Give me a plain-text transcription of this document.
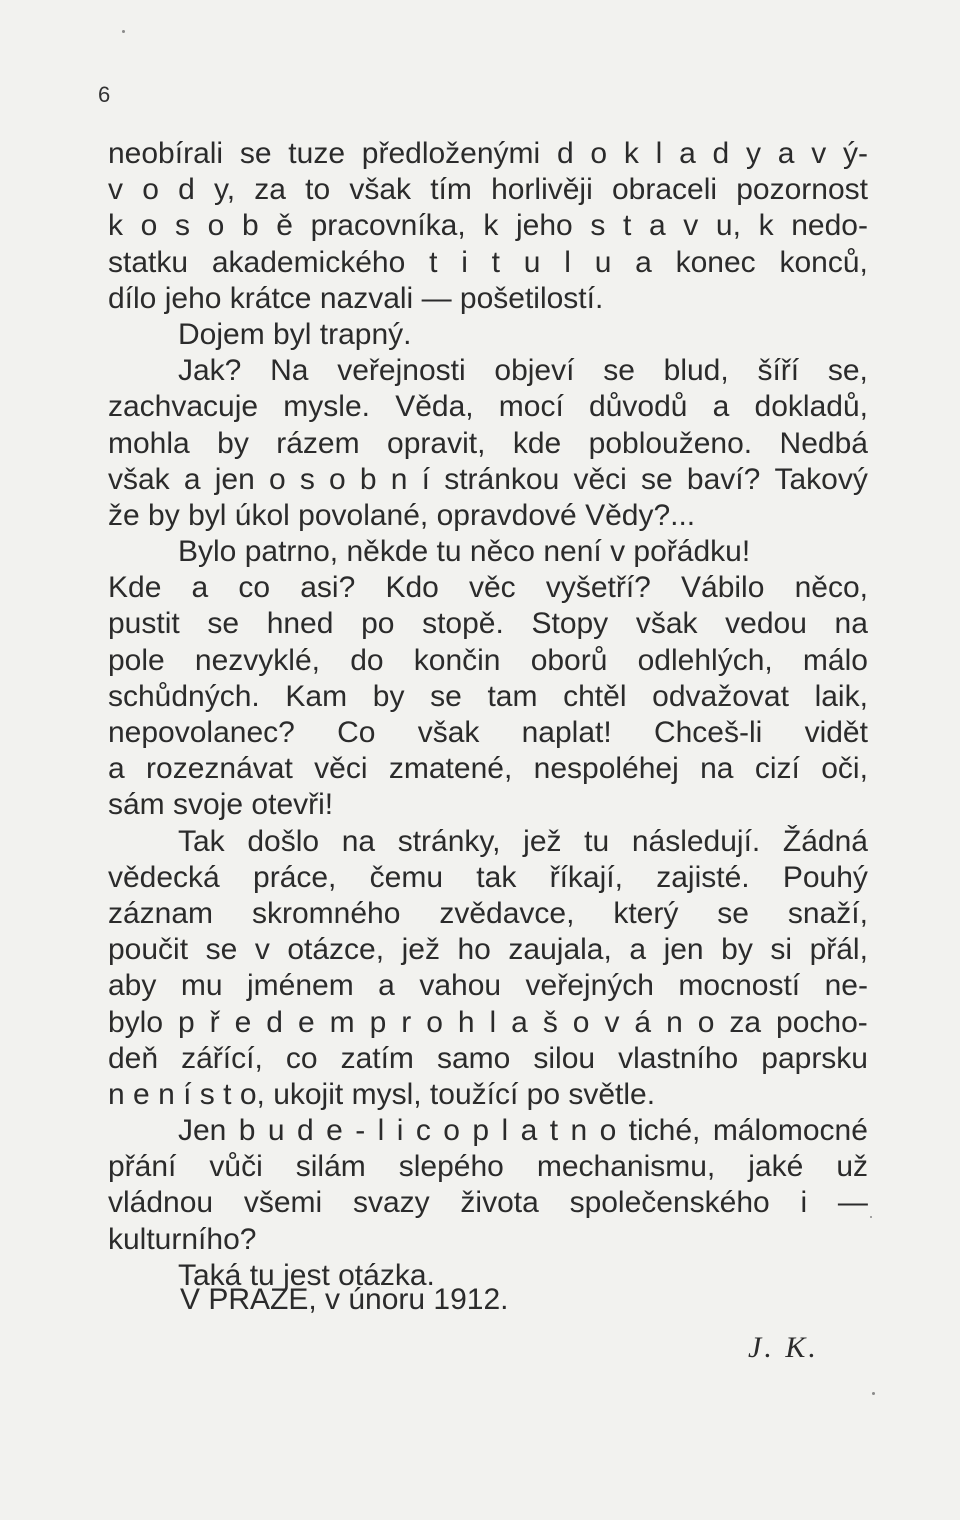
6
neobírali se tuze předloženými d o k l a d y a v ý-
v o d y, za to však tím horlivěji obraceli pozornost
k o s o b ě pracovníka, k jeho s t a v u, k nedo-
statku akademického t i t u l u a konec konců,
dílo jeho krátce nazvali — pošetilostí.
Dojem byl trapný.
Jak? Na veřejnosti objeví se blud, šíří se,
zachvacuje mysle. Věda, mocí důvodů a dokladů,
mohla by rázem opravit, kde poblouženo. Nedbá
však a jen o s o b n í stránkou věci se baví? Takový
že by byl úkol povolané, opravdové Vědy?...
Bylo patrno, někde tu něco není v pořádku!
Kde a co asi? Kdo věc vyšetří? Vábilo něco,
pustit se hned po stopě. Stopy však vedou na
pole nezvyklé, do končin oborů odlehlých, málo
schůdných. Kam by se tam chtěl odvažovat laik,
nepovolanec? Co však naplat! Chceš-li vidět
a rozeznávat věci zmatené, nespoléhej na cizí oči,
sám svoje otevři!
Tak došlo na stránky, jež tu následují. Žádná
vědecká práce, čemu tak říkají, zajisté. Pouhý
záznam skromného zvědavce, který se snaží,
poučit se v otázce, jež ho zaujala, a jen by si přál,
aby mu jménem a vahou veřejných mocností ne-
bylo p ř e d e m p r o h l a š o v á n o za pocho-
deň zářící, co zatím samo silou vlastního paprsku
n e n í s t o, ukojit mysl, toužící po světle.
Jen b u d e - l i c o p l a t n o tiché, málomocné
přání vůči silám slepého mechanismu, jaké už
vládnou všemi svazy života společenského i —
kulturního?
Taká tu jest otázka.
V PRAZE, v únoru 1912.
J. K.
